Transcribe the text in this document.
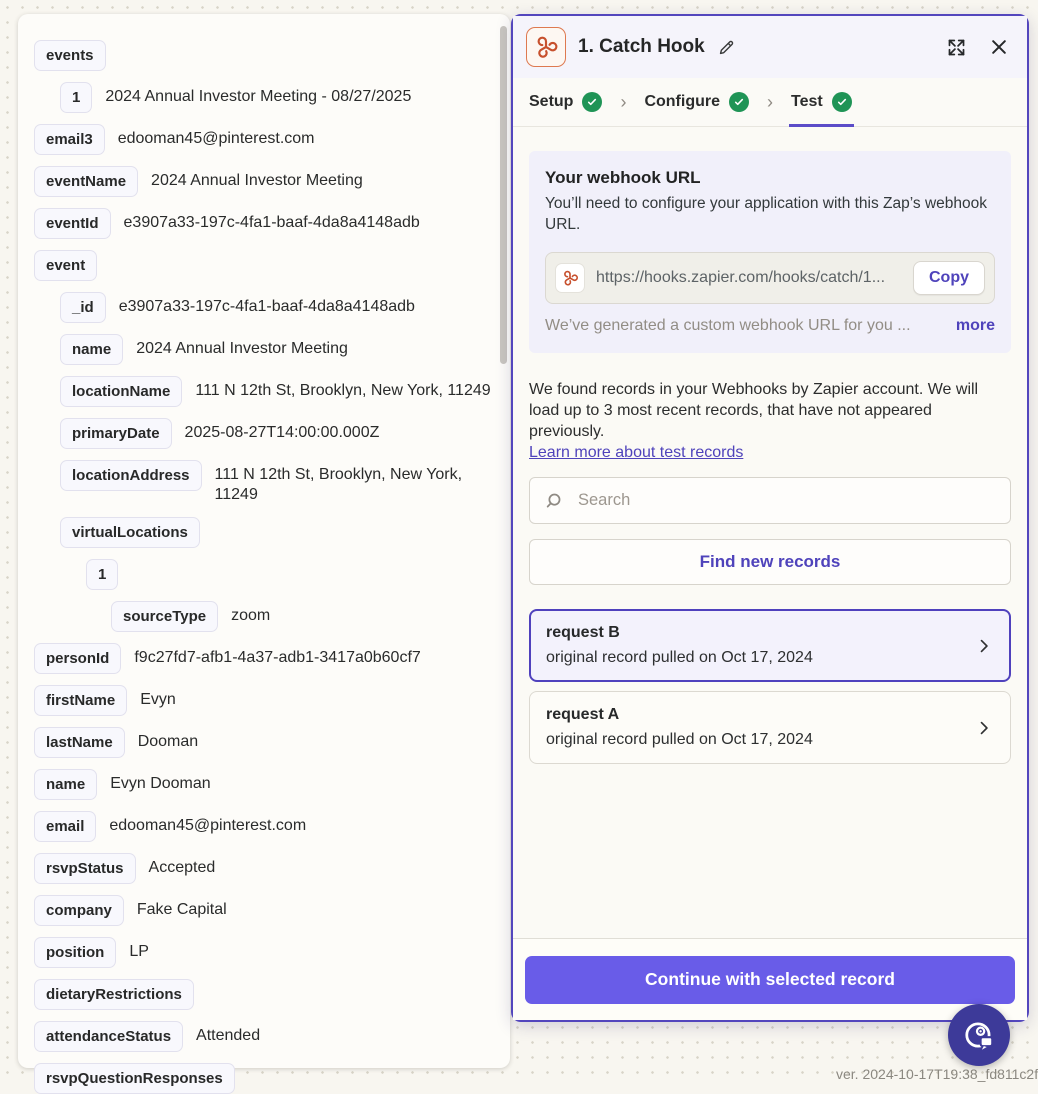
events
1	2024 Annual Investor Meeting - 08/27/2025
email3	edooman45@pinterest.com
eventName	2024 Annual Investor Meeting
eventId	e3907a33-197c-4fa1-baaf-4da8a4148adb
event
_id	e3907a33-197c-4fa1-baaf-4da8a4148adb
name	2024 Annual Investor Meeting
locationName	111 N 12th St, Brooklyn, New York, 11249
primaryDate	2025-08-27T14:00:00.000Z
locationAddress	111 N 12th St, Brooklyn, New York, 11249
virtualLocations
1
sourceType	zoom
personId	f9c27fd7-afb1-4a37-adb1-3417a0b60cf7
firstName	Evyn
lastName	Dooman
name	Evyn Dooman
email	edooman45@pinterest.com
rsvpStatus	Accepted
company	Fake Capital
position	LP
dietaryRestrictions
attendanceStatus	Attended
rsvpQuestionResponses
1. Catch Hook
Setup	›	Configure	›	Test
Your webhook URL

You’ll need to configure your application with this Zap’s webhook URL.

https://hooks.zapier.com/hooks/catch/1...	Copy
We’ve generated a custom webhook URL for you ...	more

We found records in your Webhooks by Zapier account. We will load up to 3 most recent records, that have not appeared previously.

Learn more about test records
Search
Find new records
request B
original record pulled on Oct 17, 2024
request A
original record pulled on Oct 17, 2024
Continue with selected record
ver. 2024-10-17T19:38_fd811c2f
